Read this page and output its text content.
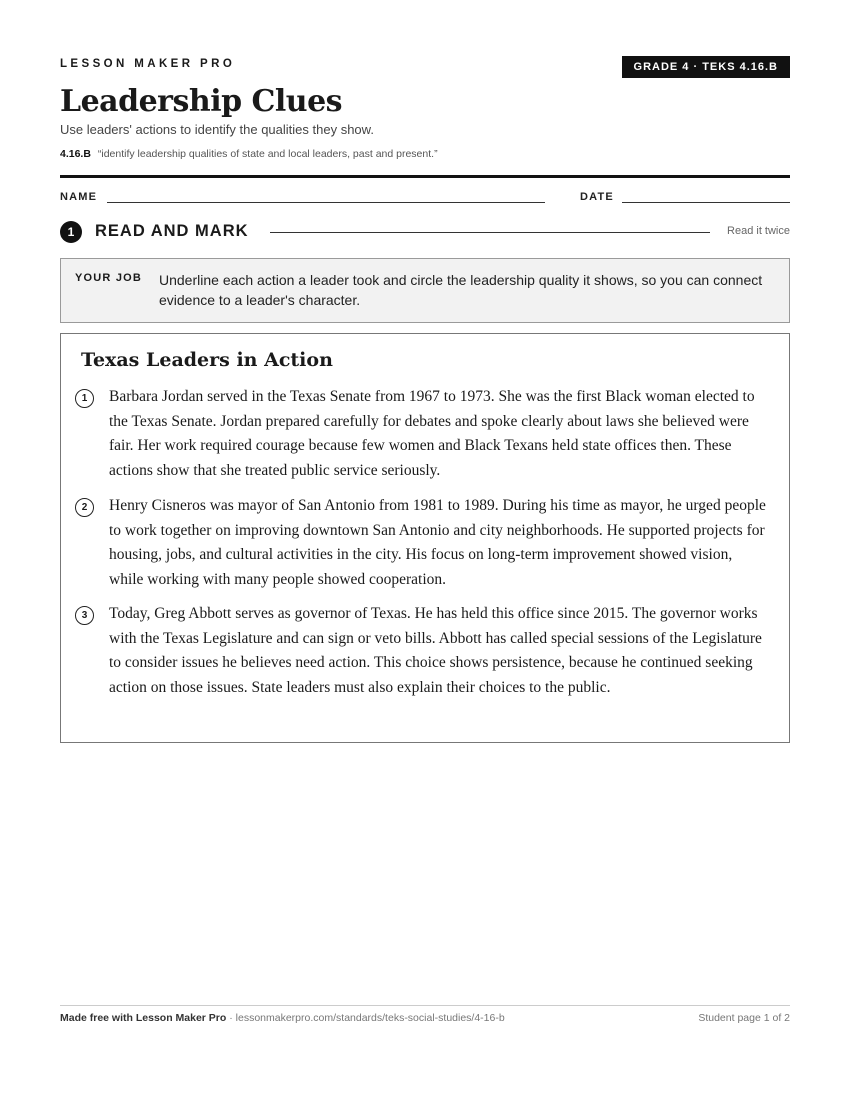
LESSON MAKER PRO	GRADE 4 · TEKS 4.16.B
Leadership Clues
Use leaders' actions to identify the qualities they show.
4.16.B “identify leadership qualities of state and local leaders, past and present.”
NAME	DATE
1	READ AND MARK	Read it twice
YOUR JOB Underline each action a leader took and circle the leadership quality it shows, so you can connect evidence to a leader's character.
Texas Leaders in Action
1	Barbara Jordan served in the Texas Senate from 1967 to 1973. She was the first Black woman elected to the Texas Senate. Jordan prepared carefully for debates and spoke clearly about laws she believed were fair. Her work required courage because few women and Black Texans held state offices then. These actions show that she treated public service seriously.
2	Henry Cisneros was mayor of San Antonio from 1981 to 1989. During his time as mayor, he urged people to work together on improving downtown San Antonio and city neighborhoods. He supported projects for housing, jobs, and cultural activities in the city. His focus on long-term improvement showed vision, while working with many people showed cooperation.
3	Today, Greg Abbott serves as governor of Texas. He has held this office since 2015. The governor works with the Texas Legislature and can sign or veto bills. Abbott has called special sessions of the Legislature to consider issues he believes need action. This choice shows persistence, because he continued seeking action on those issues. State leaders must also explain their choices to the public.
Made free with Lesson Maker Pro · lessonmakerpro.com/standards/teks-social-studies/4-16-b	Student page 1 of 2
